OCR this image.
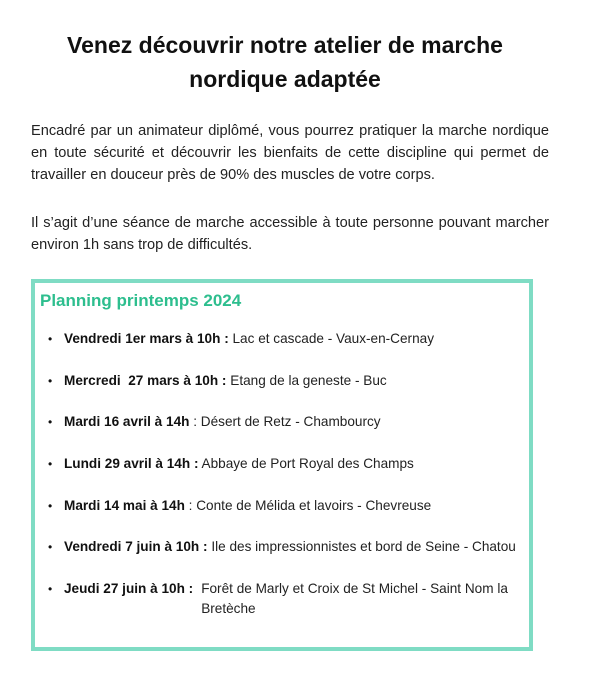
Venez découvrir notre atelier de marche nordique adaptée

Encadré par un animateur diplômé, vous pourrez pratiquer la marche nordique en toute sécurité et découvrir les bienfaits de cette discipline qui permet de travailler en douceur près de 90% des muscles de votre corps.

Il s’agit d’une séance de marche accessible à toute personne pouvant marcher environ 1h sans trop de difficultés.

Planning printemps 2024
• Vendredi 1er mars à 10h : Lac et cascade - Vaux-en-Cernay
• Mercredi  27 mars à 10h : Etang de la geneste - Buc
• Mardi 16 avril à 14h : Désert de Retz - Chambourcy
• Lundi 29 avril à 14h : Abbaye de Port Royal des Champs
• Mardi 14 mai à 14h : Conte de Mélida et lavoirs - Chevreuse
• Vendredi 7 juin à 10h : Ile des impressionnistes et bord de Seine - Chatou
• Jeudi 27 juin à 10h : Forêt de Marly et Croix de St Michel - Saint Nom la Bretèche
